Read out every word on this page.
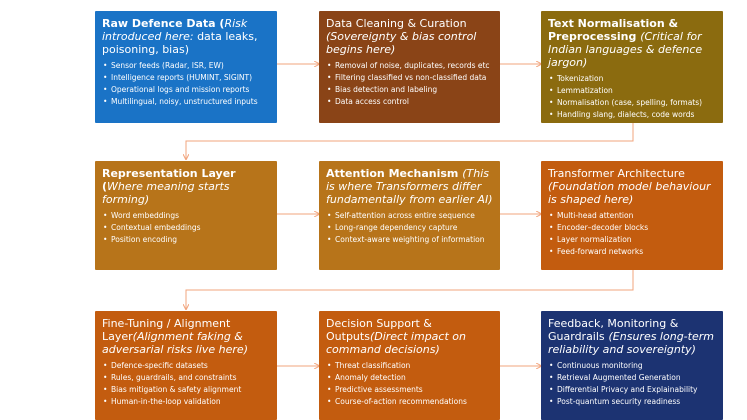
Raw Defence Data (Risk introduced here: data leaks, poisoning, bias)
• Sensor feeds (Radar, ISR, EW)
• Intelligence reports (HUMINT, SIGINT)
• Operational logs and mission reports
• Multilingual, noisy, unstructured inputs
Data Cleaning & Curation
(Sovereignty & bias control begins here)
• Removal of noise, duplicates, records etc
• Filtering classified vs non-classified data
• Bias detection and labeling
• Data access control
Text Normalisation & Preprocessing (Critical for Indian languages & defence jargon)
• Tokenization
• Lemmatization
• Normalisation (case, spelling, formats)
• Handling slang, dialects, code words
Representation Layer (Where meaning starts forming)
• Word embeddings
• Contextual embeddings
• Position encoding
Attention Mechanism (This is where Transformers differ fundamentally from earlier AI)
• Self-attention across entire sequence
• Long-range dependency capture
• Context-aware weighting of information
Transformer Architecture
(Foundation model behaviour is shaped here)
• Multi-head attention
• Encoder–decoder blocks
• Layer normalization
• Feed-forward networks
Fine-Tuning / Alignment Layer(Alignment faking & adversarial risks live here)
• Defence-specific datasets
• Rules, guardrails, and constraints
• Bias mitigation & safety alignment
• Human-in-the-loop validation
Decision Support & Outputs(Direct impact on command decisions)
• Threat classification
• Anomaly detection
• Predictive assessments
• Course-of-action recommendations
Feedback, Monitoring & Guardrails (Ensures long-term reliability and sovereignty)
• Continuous monitoring
• Retrieval Augmented Generation
• Differential Privacy and Explainability
• Post-quantum security readiness
